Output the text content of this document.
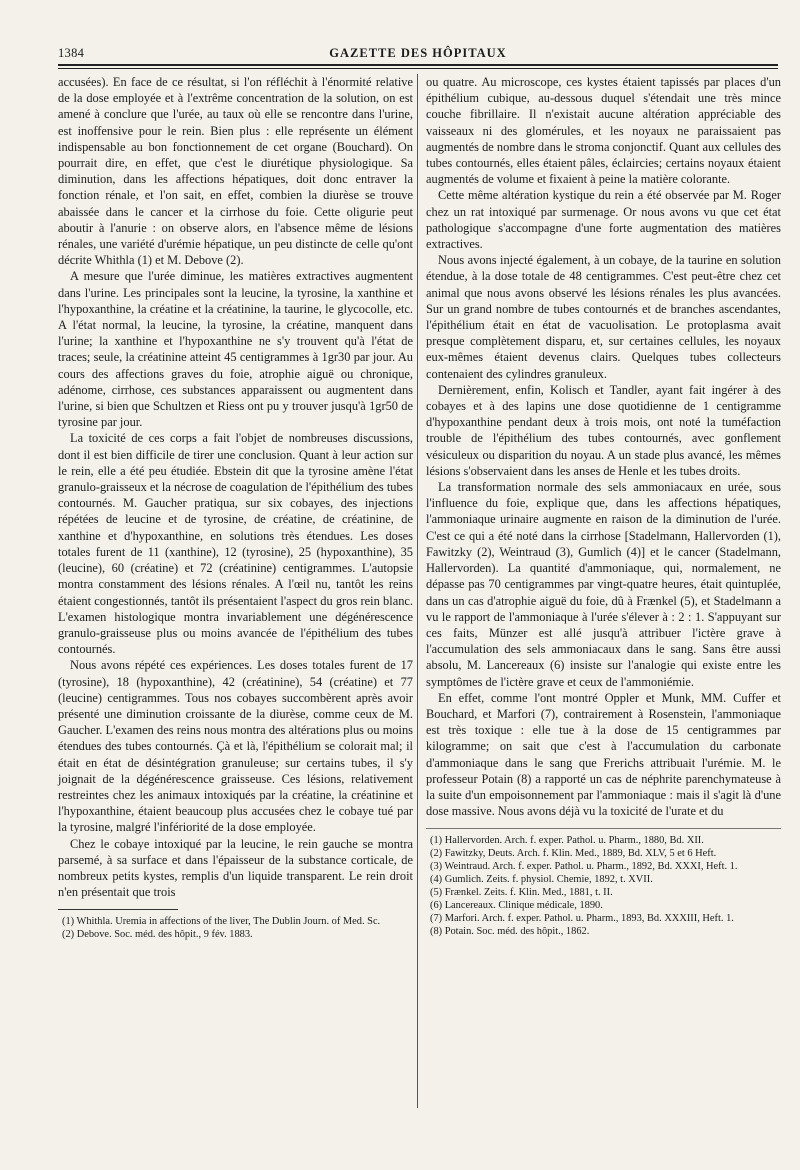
1384	GAZETTE DES HÔPITAUX

accusées). En face de ce résultat, si l'on réfléchit à l'énormité relative de la dose employée et à l'extrême concentration de la solution, on est amené à conclure que l'urée, au taux où elle se rencontre dans l'urine, est inoffensive pour le rein. Bien plus : elle représente un élément indispensable au bon fonctionnement de cet organe (Bouchard). On pourrait dire, en effet, que c'est le diurétique physiologique. Sa diminution, dans les affections hépatiques, doit donc entraver la fonction rénale, et l'on sait, en effet, combien la diurèse se trouve abaissée dans le cancer et la cirrhose du foie. Cette oligurie peut aboutir à l'anurie : on observe alors, en l'absence même de lésions rénales, une variété d'urémie hépatique, un peu distincte de celle qu'ont décrite Whithla (1) et M. Debove (2).

A mesure que l'urée diminue, les matières extractives augmentent dans l'urine. Les principales sont la leucine, la tyrosine, la xanthine et l'hypoxanthine, la créatine et la créatinine, la taurine, le glycocolle, etc. A l'état normal, la leucine, la tyrosine, la créatine, manquent dans l'urine; la xanthine et l'hypoxanthine ne s'y trouvent qu'à l'état de traces; seule, la créatinine atteint 45 centigrammes à 1gr30 par jour. Au cours des affections graves du foie, atrophie aiguë ou chronique, adénome, cirrhose, ces substances apparaissent ou augmentent dans l'urine, si bien que Schultzen et Riess ont pu y trouver jusqu'à 1gr50 de tyrosine par jour.

La toxicité de ces corps a fait l'objet de nombreuses discussions, dont il est bien difficile de tirer une conclusion. Quant à leur action sur le rein, elle a été peu étudiée. Ebstein dit que la tyrosine amène l'état granulo-graisseux et la nécrose de coagulation de l'épithélium des tubes contournés. M. Gaucher pratiqua, sur six cobayes, des injections répétées de leucine et de tyrosine, de créatine, de créatinine, de xanthine et d'hypoxanthine, en solutions très étendues. Les doses totales furent de 11 (xanthine), 12 (tyrosine), 25 (hypoxanthine), 35 (leucine), 60 (créatine) et 72 (créatinine) centigrammes. L'autopsie montra constamment des lésions rénales. A l'œil nu, tantôt les reins étaient congestionnés, tantôt ils présentaient l'aspect du gros rein blanc. L'examen histologique montra invariablement une dégénérescence granulo-graisseuse plus ou moins avancée de l'épithélium des tubes contournés.

Nous avons répété ces expériences. Les doses totales furent de 17 (tyrosine), 18 (hypoxanthine), 42 (créatinine), 54 (créatine) et 77 (leucine) centigrammes. Tous nos cobayes succombèrent après avoir présenté une diminution croissante de la diurèse, comme ceux de M. Gaucher. L'examen des reins nous montra des altérations plus ou moins étendues des tubes contournés. Çà et là, l'épithélium se colorait mal; il était en état de désintégration granuleuse; sur certains tubes, il s'y joignait de la dégénérescence graisseuse. Ces lésions, relativement restreintes chez les animaux intoxiqués par la créatine, la créatinine et l'hypoxanthine, étaient beaucoup plus accusées chez le cobaye tué par la tyrosine, malgré l'infériorité de la dose employée.

Chez le cobaye intoxiqué par la leucine, le rein gauche se montra parsemé, à sa surface et dans l'épaisseur de la substance corticale, de nombreux petits kystes, remplis d'un liquide transparent. Le rein droit n'en présentait que trois

(1) Whithla. Uremia in affections of the liver, The Dublin Journ. of Med. Sc.
(2) Debove. Soc. méd. des hôpit., 9 fév. 1883.

ou quatre. Au microscope, ces kystes étaient tapissés par places d'un épithélium cubique, au-dessous duquel s'étendait une très mince couche fibrillaire. Il n'existait aucune altération appréciable des vaisseaux ni des glomérules, et les noyaux ne paraissaient pas augmentés de nombre dans le stroma conjonctif. Quant aux cellules des tubes contournés, elles étaient pâles, éclaircies; certains noyaux étaient augmentés de volume et fixaient à peine la matière colorante.

Cette même altération kystique du rein a été observée par M. Roger chez un rat intoxiqué par surmenage. Or nous avons vu que cet état pathologique s'accompagne d'une forte augmentation des matières extractives.

Nous avons injecté également, à un cobaye, de la taurine en solution étendue, à la dose totale de 48 centigrammes. C'est peut-être chez cet animal que nous avons observé les lésions rénales les plus avancées. Sur un grand nombre de tubes contournés et de branches ascendantes, l'épithélium était en état de vacuolisation. Le protoplasma avait presque complètement disparu, et, sur certaines cellules, les noyaux eux-mêmes étaient devenus clairs. Quelques tubes collecteurs contenaient des cylindres granuleux.

Dernièrement, enfin, Kolisch et Tandler, ayant fait ingérer à des cobayes et à des lapins une dose quotidienne de 1 centigramme d'hypoxanthine pendant deux à trois mois, ont noté la tuméfaction trouble de l'épithélium des tubes contournés, avec gonflement vésiculeux ou disparition du noyau. A un stade plus avancé, les mêmes lésions s'observaient dans les anses de Henle et les tubes droits.

La transformation normale des sels ammoniacaux en urée, sous l'influence du foie, explique que, dans les affections hépatiques, l'ammoniaque urinaire augmente en raison de la diminution de l'urée. C'est ce qui a été noté dans la cirrhose [Stadelmann, Hallervorden (1), Fawitzky (2), Weintraud (3), Gumlich (4)] et le cancer (Stadelmann, Hallervorden). La quantité d'ammoniaque, qui, normalement, ne dépasse pas 70 centigrammes par vingt-quatre heures, était quintuplée, dans un cas d'atrophie aiguë du foie, dû à Frænkel (5), et Stadelmann a vu le rapport de l'ammoniaque à l'urée s'élever à : 2 : 1. S'appuyant sur ces faits, Münzer est allé jusqu'à attribuer l'ictère grave à l'accumulation des sels ammoniacaux dans le sang. Sans être aussi absolu, M. Lancereaux (6) insiste sur l'analogie qui existe entre les symptômes de l'ictère grave et ceux de l'ammoniémie.

En effet, comme l'ont montré Oppler et Munk, MM. Cuffer et Bouchard, et Marfori (7), contrairement à Rosenstein, l'ammoniaque est très toxique : elle tue à la dose de 15 centigrammes par kilogramme; on sait que c'est à l'accumulation du carbonate d'ammoniaque dans le sang que Frerichs attribuait l'urémie. M. le professeur Potain (8) a rapporté un cas de néphrite parenchymateuse à la suite d'un empoisonnement par l'ammoniaque : mais il s'agit là d'une dose massive. Nous avons déjà vu la toxicité de l'urate et du

(1) Hallervorden. Arch. f. exper. Pathol. u. Pharm., 1880, Bd. XII.
(2) Fawitzky, Deuts. Arch. f. Klin. Med., 1889, Bd. XLV, 5 et 6 Heft.
(3) Weintraud. Arch. f. exper. Pathol. u. Pharm., 1892, Bd. XXXI, Heft. 1.
(4) Gumlich. Zeits. f. physiol. Chemie, 1892, t. XVII.
(5) Frænkel. Zeits. f. Klin. Med., 1881, t. II.
(6) Lancereaux. Clinique médicale, 1890.
(7) Marfori. Arch. f. exper. Pathol. u. Pharm., 1893, Bd. XXXIII, Heft. 1.
(8) Potain. Soc. méd. des hôpit., 1862.
